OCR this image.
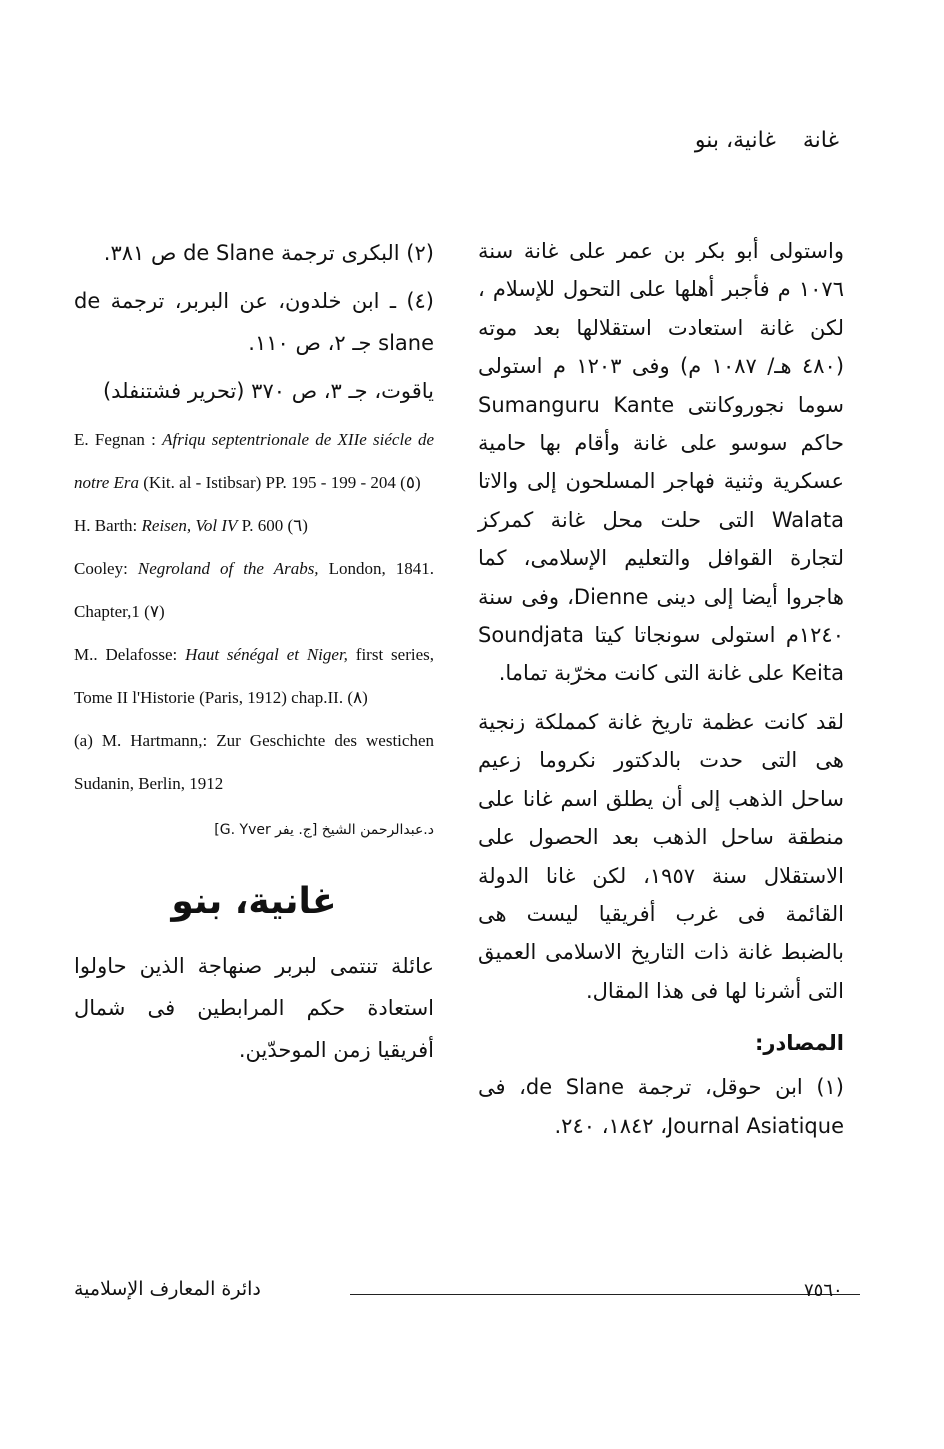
غانة غانية، بنو

واستولى أبو بكر بن عمر على غانة سنة ١٠٧٦ م فأجبر أهلها على التحول للإسلام ، لكن غانة استعادت استقلالها بعد موته (٤٨٠ هـ/ ١٠٨٧ م) وفى ١٢٠٣ م استولى سوما نجوروكانتى Sumanguru Kante حاكم سوسو على غانة وأقام بها حامية عسكرية وثنية فهاجر المسلحون إلى والاتا Walata التى حلت محل غانة كمركز لتجارة القوافل والتعليم الإسلامى، كما هاجروا أيضا إلى دينى Dienne، وفى سنة ١٢٤٠م استولى سونجاتا كيتا Soundjata Keita على غانة التى كانت مخرّبة تماما.

لقد كانت عظمة تاريخ غانة كمملكة زنجية هى التى حدت بالدكتور نكروما زعيم ساحل الذهب إلى أن يطلق اسم غانا على منطقة ساحل الذهب بعد الحصول على الاستقلال سنة ١٩٥٧، لكن غانا الدولة القائمة فى غرب أفريقيا ليست هى بالضبط غانة ذات التاريخ الاسلامى العميق التى أشرنا لها فى هذا المقال.

المصادر:

(١) ابن حوقل، ترجمة de Slane، فى Journal Asiatique، ١٨٤٢، ٢٤٠.

(٢) البكرى ترجمة de Slane ص ٣٨١.

(٤) ـ ابن خلدون، عن البربر، ترجمة de slane جـ ٢، ص ١١٠.

ياقوت، جـ ٣، ص ٣٧٠ (تحرير فشتنفلد)

E. Fegnan : Afriqu septentrionale de XIIe siécle de notre Era (Kit. al - Istibsar) PP. 195 - 199 - 204 (٥)

H. Barth: Reisen, Vol IV P. 600 (٦)

Cooley: Negroland of the Arabs, London, 1841. Chapter,1 (٧)

M.. Delafosse: Haut sénégal et Niger, first series, Tome II l'Historie (Paris, 1912) chap.II. (٨)

(a) M. Hartmann,: Zur Geschichte des westichen Sudanin, Berlin, 1912

د.عبدالرحمن الشيخ [ج. يفر G. Yver]

غانية، بنو

عائلة تنتمى لبربر صنهاجة الذين حاولوا استعادة حكم المرابطين فى شمال أفريقيا زمن الموحدّين.

دائرة المعارف الإسلامية	٧٥٦٠
